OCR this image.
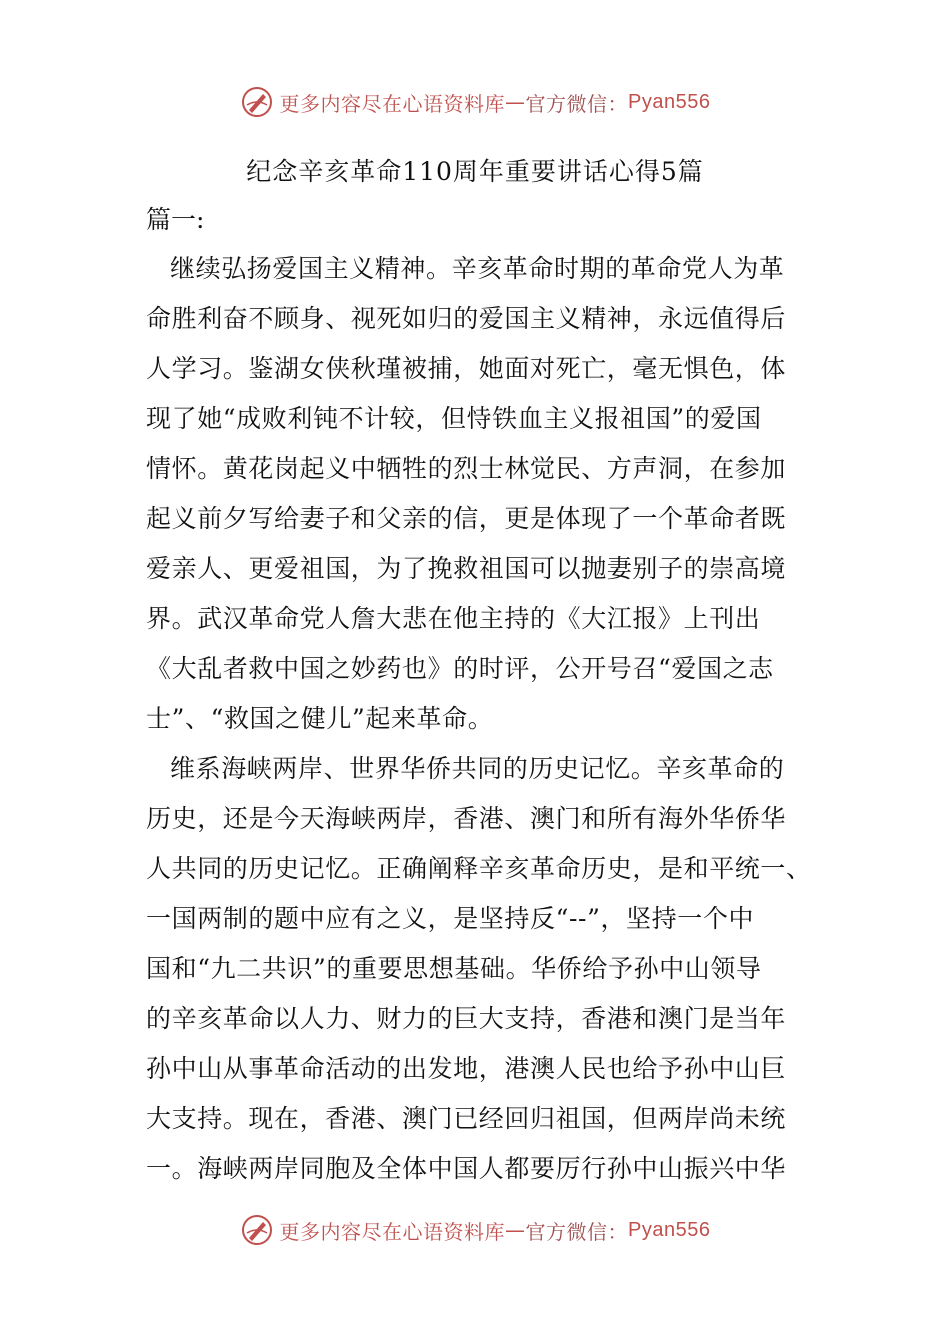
更多内容尽在心语资料库 — 官方微信： Pyan556
纪念辛亥革命110周年重要讲话心得5篇
篇一:
继续弘扬爱国主义精神。辛亥革命时期的革命党人为革
命胜利奋不顾身、视死如归的爱国主义精神，永远值得后
人学习。鉴湖女侠秋瑾被捕，她面对死亡，毫无惧色，体
现了她“成败利钝不计较，但恃铁血主义报祖国”的爱国
情怀。黄花岗起义中牺牲的烈士林觉民、方声洞，在参加
起义前夕写给妻子和父亲的信，更是体现了一个革命者既
爱亲人、更爱祖国，为了挽救祖国可以抛妻别子的崇高境
界。武汉革命党人詹大悲在他主持的《大江报》上刊出
《大乱者救中国之妙药也》的时评，公开号召“爱国之志
士”、“救国之健儿”起来革命。
维系海峡两岸、世界华侨共同的历史记忆。辛亥革命的
历史，还是今天海峡两岸，香港、澳门和所有海外华侨华
人共同的历史记忆。正确阐释辛亥革命历史，是和平统一、
一国两制的题中应有之义，是坚持反“--”，坚持一个中
国和“九二共识”的重要思想基础。华侨给予孙中山领导
的辛亥革命以人力、财力的巨大支持，香港和澳门是当年
孙中山从事革命活动的出发地，港澳人民也给予孙中山巨
大支持。现在，香港、澳门已经回归祖国，但两岸尚未统
一。海峡两岸同胞及全体中国人都要厉行孙中山振兴中华
更多内容尽在心语资料库 — 官方微信： Pyan556
